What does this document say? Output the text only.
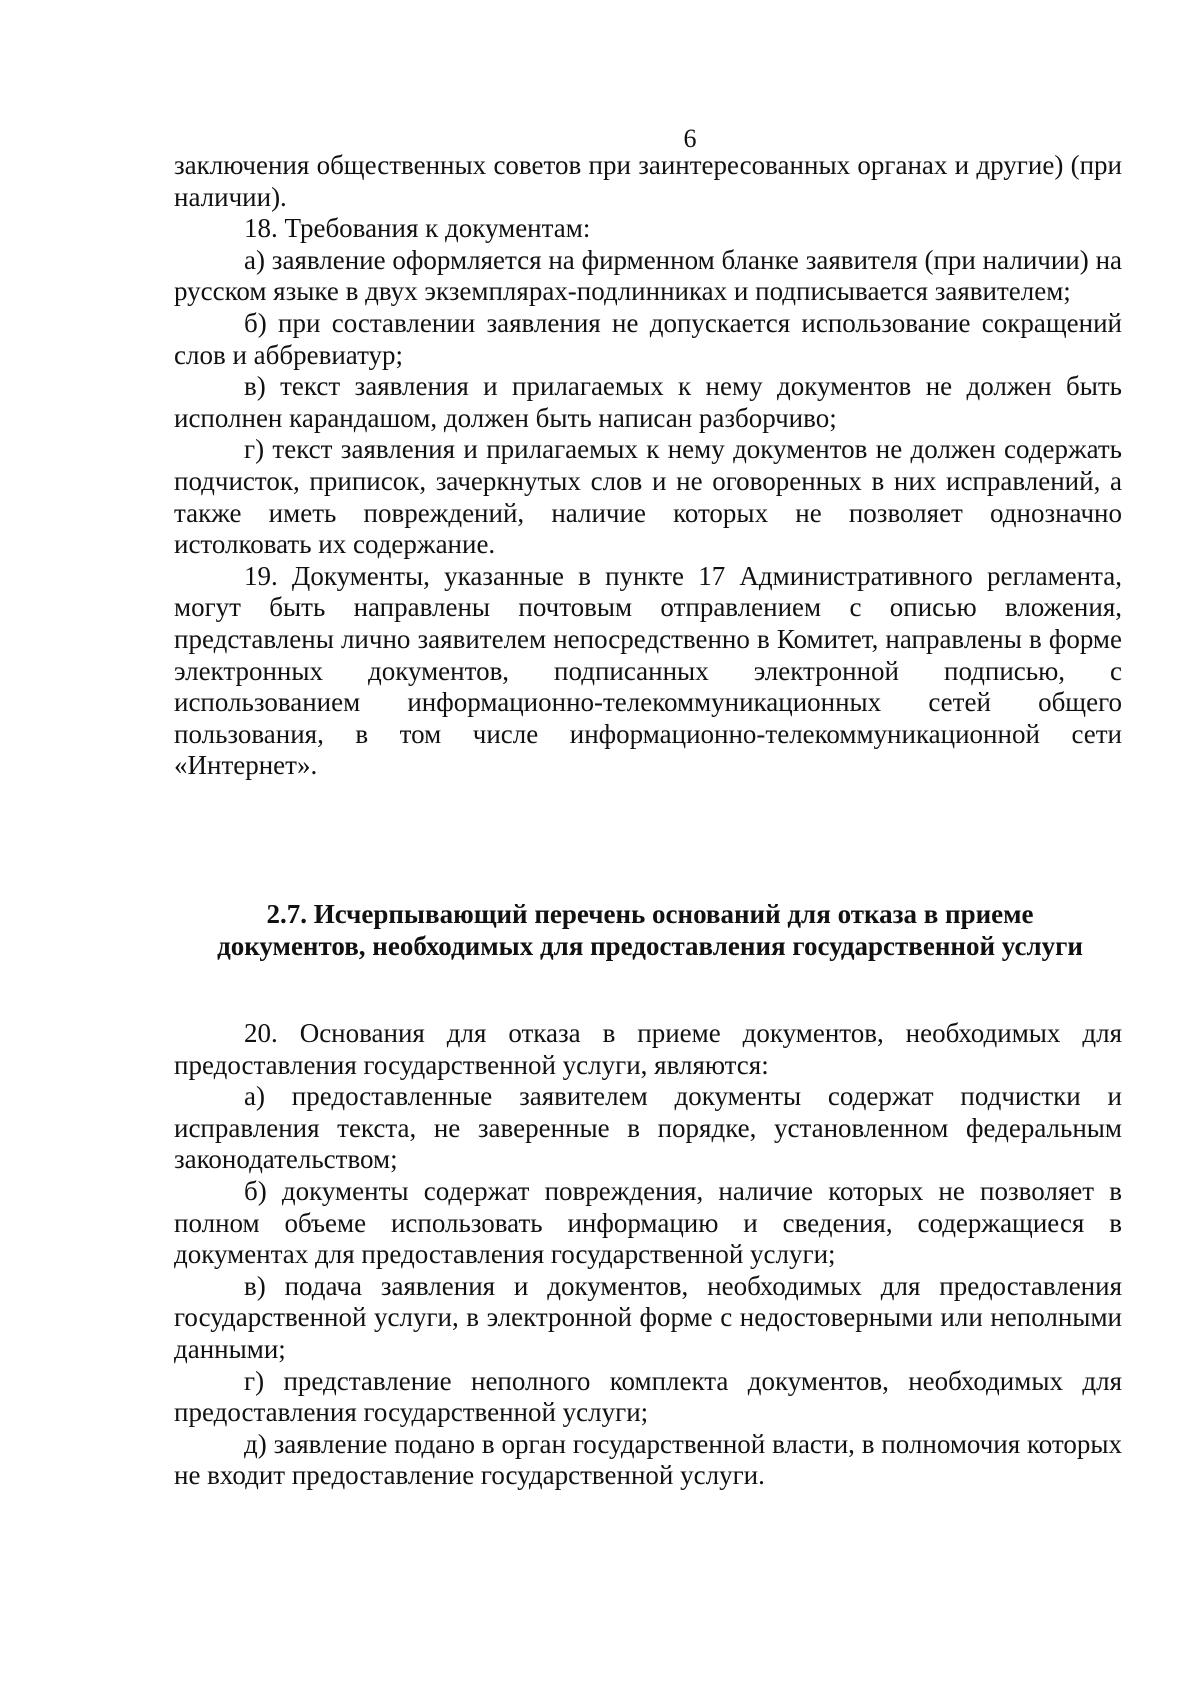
6

заключения общественных советов при заинтересованных органах и другие) (при наличии).

18. Требования к документам:

а) заявление оформляется на фирменном бланке заявителя (при наличии) на русском языке в двух экземплярах-подлинниках и подписывается заявителем;

б) при составлении заявления не допускается использование сокращений слов и аббревиатур;

в) текст заявления и прилагаемых к нему документов не должен быть исполнен карандашом, должен быть написан разборчиво;

г) текст заявления и прилагаемых к нему документов не должен содержать подчисток, приписок, зачеркнутых слов и не оговоренных в них исправлений, а также иметь повреждений, наличие которых не позволяет однозначно истолковать их содержание.

19. Документы, указанные в пункте 17 Административного регламента, могут быть направлены почтовым отправлением с описью вложения, представлены лично заявителем непосредственно в Комитет, направлены в форме электронных документов, подписанных электронной подписью, с использованием информационно-телекоммуникационных сетей общего пользования, в том числе информационно-телекоммуникационной сети «Интернет».

2.7. Исчерпывающий перечень оснований для отказа в приеме документов, необходимых для предоставления государственной услуги

20. Основания для отказа в приеме документов, необходимых для предоставления государственной услуги, являются:

а) предоставленные заявителем документы содержат подчистки и исправления текста, не заверенные в порядке, установленном федеральным законодательством;

б) документы содержат повреждения, наличие которых не позволяет в полном объеме использовать информацию и сведения, содержащиеся в документах для предоставления государственной услуги;

в) подача заявления и документов, необходимых для предоставления государственной услуги, в электронной форме с недостоверными или неполными данными;

г) представление неполного комплекта документов, необходимых для предоставления государственной услуги;

д) заявление подано в орган государственной власти, в полномочия которых не входит предоставление государственной услуги.
